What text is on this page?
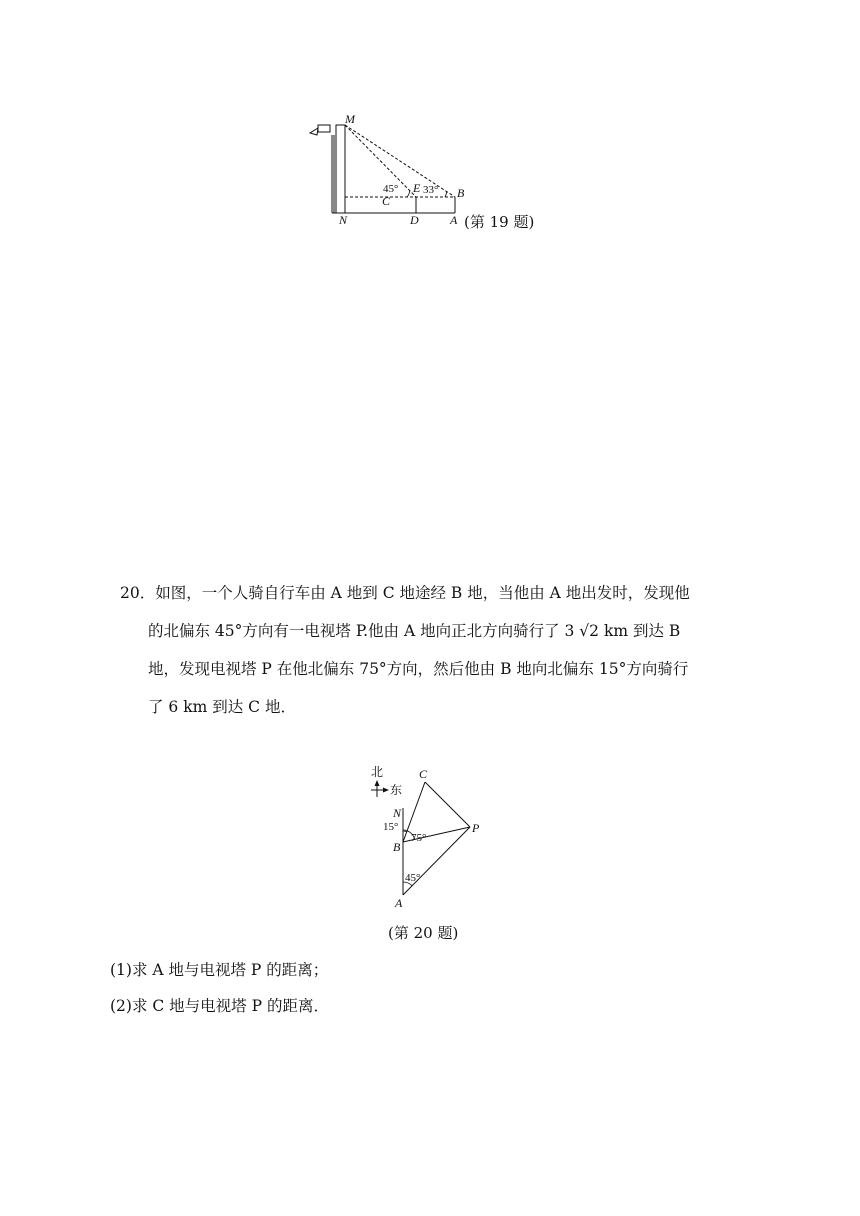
M
N
C
D	A
E	B
45° 33°
(第 19 题)
20．如图，一个人骑自行车由 A 地到 C 地途经 B 地，当他由 A 地出发时，发现他
的北偏东 45°方向有一电视塔 P.他由 A 地向正北方向骑行了 3 √2 km 到达 B
地，发现电视塔 P 在他北偏东 75°方向，然后他由 B 地向北偏东 15°方向骑行
了 6 km 到达 C 地．
北
东
C
N
B
P
A
15°
75°
45°
(第 20 题)
(1)求 A 地与电视塔 P 的距离；
(2)求 C 地与电视塔 P 的距离．
